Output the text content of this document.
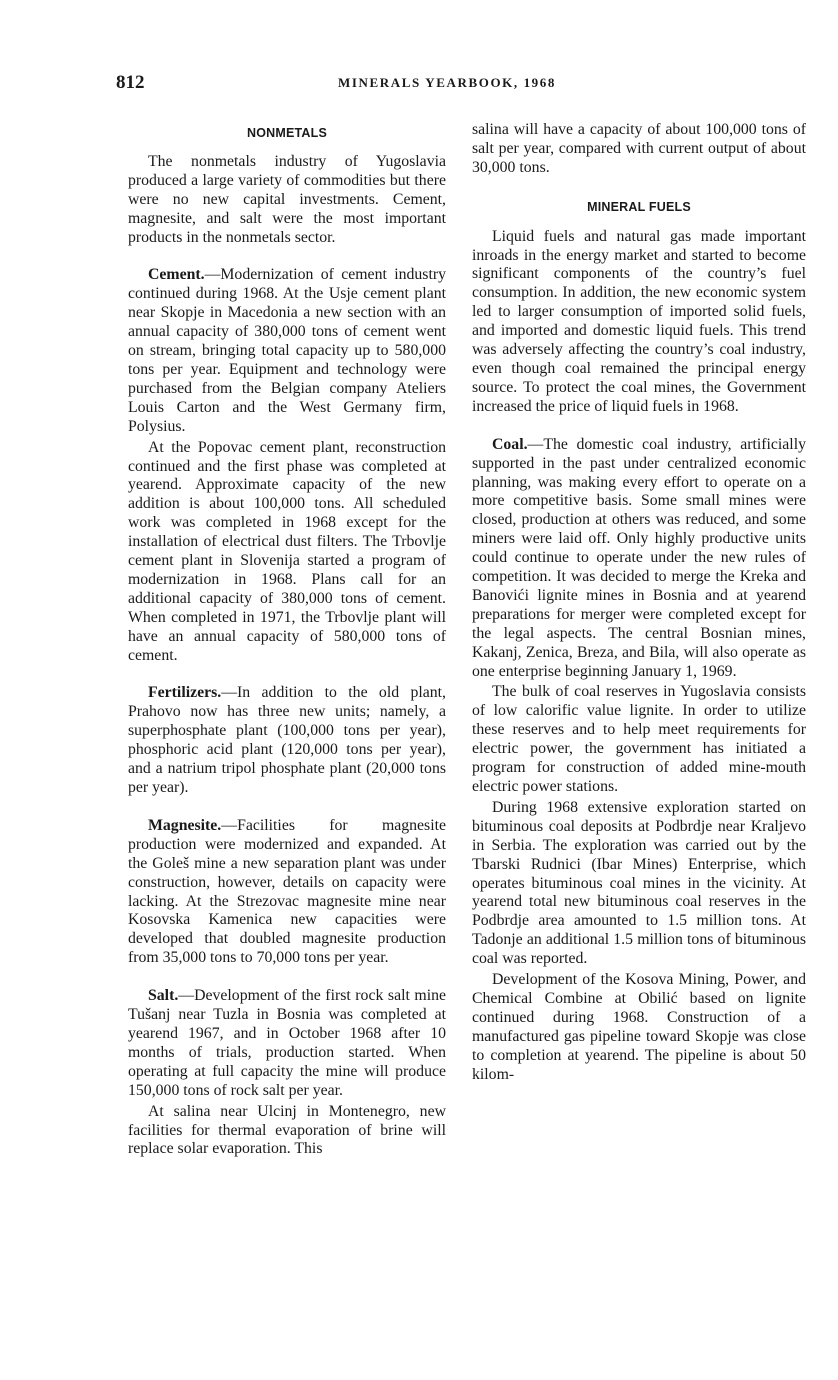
812	MINERALS YEARBOOK, 1968
NONMETALS

The nonmetals industry of Yugoslavia produced a large variety of commodities but there were no new capital investments. Cement, magnesite, and salt were the most important products in the nonmetals sector.

Cement.—Modernization of cement industry continued during 1968. At the Usje cement plant near Skopje in Macedonia a new section with an annual capacity of 380,000 tons of cement went on stream, bringing total capacity up to 580,000 tons per year. Equipment and technology were purchased from the Belgian company Ateliers Louis Carton and the West Germany firm, Polysius.

At the Popovac cement plant, reconstruction continued and the first phase was completed at yearend. Approximate capacity of the new addition is about 100,000 tons. All scheduled work was completed in 1968 except for the installation of electrical dust filters. The Trbovlje cement plant in Slovenija started a program of modernization in 1968. Plans call for an additional capacity of 380,000 tons of cement. When completed in 1971, the Trbovlje plant will have an annual capacity of 580,000 tons of cement.

Fertilizers.—In addition to the old plant, Prahovo now has three new units; namely, a superphosphate plant (100,000 tons per year), phosphoric acid plant (120,000 tons per year), and a natrium tripol phosphate plant (20,000 tons per year).

Magnesite.—Facilities for magnesite production were modernized and expanded. At the Goleš mine a new separation plant was under construction, however, details on capacity were lacking. At the Strezovac magnesite mine near Kosovska Kamenica new capacities were developed that doubled magnesite production from 35,000 tons to 70,000 tons per year.

Salt.—Development of the first rock salt mine Tušanj near Tuzla in Bosnia was completed at yearend 1967, and in October 1968 after 10 months of trials, production started. When operating at full capacity the mine will produce 150,000 tons of rock salt per year.

At salina near Ulcinj in Montenegro, new facilities for thermal evaporation of brine will replace solar evaporation. This

salina will have a capacity of about 100,000 tons of salt per year, compared with current output of about 30,000 tons.

MINERAL FUELS

Liquid fuels and natural gas made important inroads in the energy market and started to become significant components of the country’s fuel consumption. In addition, the new economic system led to larger consumption of imported solid fuels, and imported and domestic liquid fuels. This trend was adversely affecting the country’s coal industry, even though coal remained the principal energy source. To protect the coal mines, the Government increased the price of liquid fuels in 1968.

Coal.—The domestic coal industry, artificially supported in the past under centralized economic planning, was making every effort to operate on a more competitive basis. Some small mines were closed, production at others was reduced, and some miners were laid off. Only highly productive units could continue to operate under the new rules of competition. It was decided to merge the Kreka and Banovići lignite mines in Bosnia and at yearend preparations for merger were completed except for the legal aspects. The central Bosnian mines, Kakanj, Zenica, Breza, and Bila, will also operate as one enterprise beginning January 1, 1969.

The bulk of coal reserves in Yugoslavia consists of low calorific value lignite. In order to utilize these reserves and to help meet requirements for electric power, the government has initiated a program for construction of added mine-mouth electric power stations.

During 1968 extensive exploration started on bituminous coal deposits at Podbrdje near Kraljevo in Serbia. The exploration was carried out by the Tbarski Rudnici (Ibar Mines) Enterprise, which operates bituminous coal mines in the vicinity. At yearend total new bituminous coal reserves in the Podbrdje area amounted to 1.5 million tons. At Tadonje an additional 1.5 million tons of bituminous coal was reported.

Development of the Kosova Mining, Power, and Chemical Combine at Obilić based on lignite continued during 1968. Construction of a manufactured gas pipeline toward Skopje was close to completion at yearend. The pipeline is about 50 kilom-
